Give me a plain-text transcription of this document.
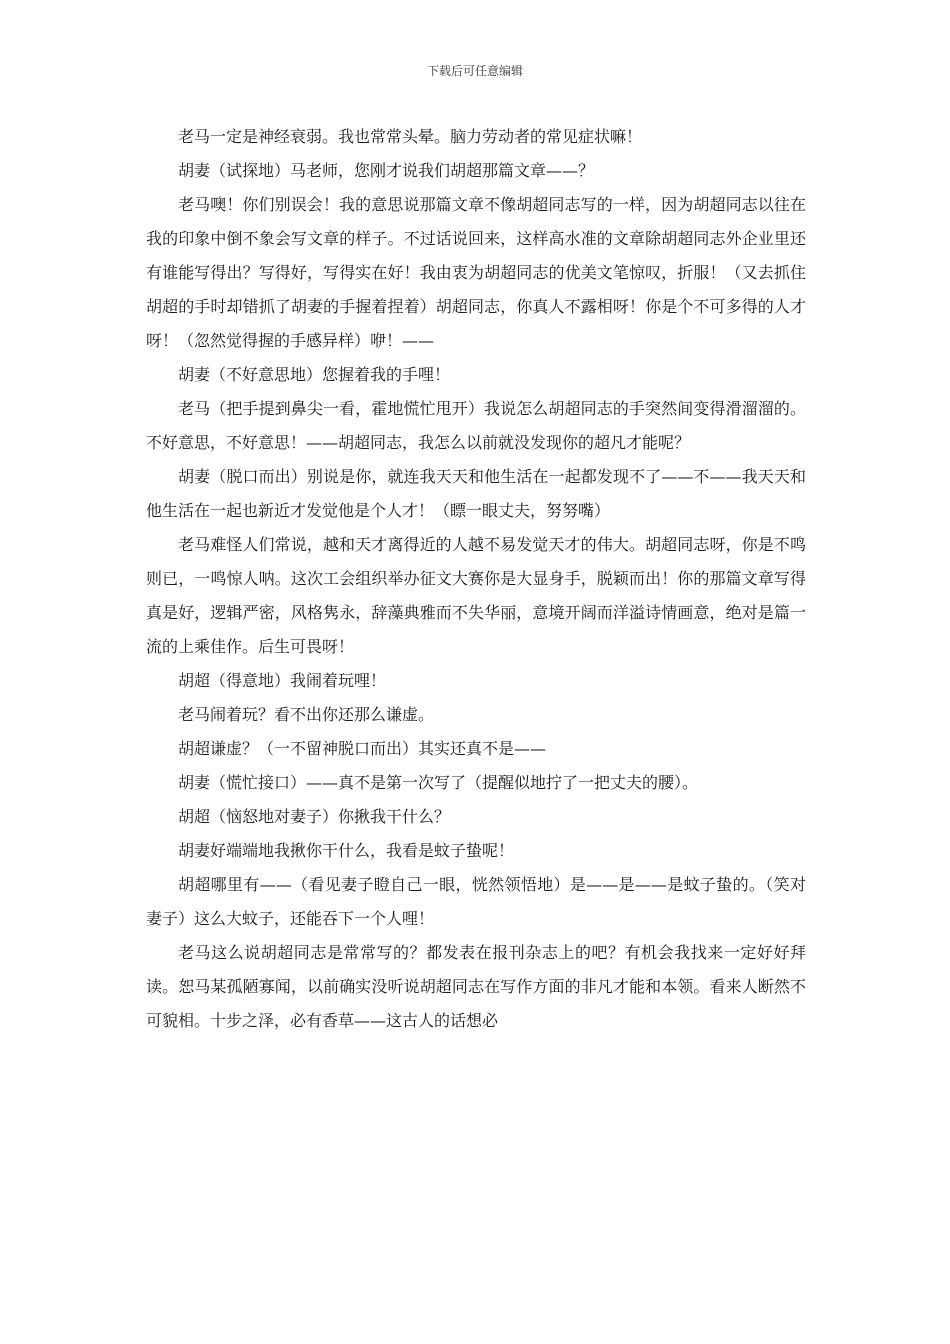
下载后可任意编辑

老马一定是神经衰弱。我也常常头晕。脑力劳动者的常见症状嘛！

胡妻（试探地）马老师，您刚才说我们胡超那篇文章——？

老马噢！你们别误会！我的意思说那篇文章不像胡超同志写的一样，因为胡超同志以往在我的印象中倒不象会写文章的样子。不过话说回来，这样高水准的文章除胡超同志外企业里还有谁能写得出？写得好，写得实在好！我由衷为胡超同志的优美文笔惊叹，折服！（又去抓住胡超的手时却错抓了胡妻的手握着捏着）胡超同志，你真人不露相呀！你是个不可多得的人才呀！（忽然觉得握的手感异样）咿！——

胡妻（不好意思地）您握着我的手哩！

老马（把手提到鼻尖一看，霍地慌忙甩开）我说怎么胡超同志的手突然间变得滑溜溜的。不好意思，不好意思！——胡超同志，我怎么以前就没发现你的超凡才能呢？

胡妻（脱口而出）别说是你，就连我天天和他生活在一起都发现不了——不——我天天和他生活在一起也新近才发觉他是个人才！（瞟一眼丈夫，努努嘴）

老马难怪人们常说，越和天才离得近的人越不易发觉天才的伟大。胡超同志呀，你是不鸣则已，一鸣惊人呐。这次工会组织举办征文大赛你是大显身手，脱颖而出！你的那篇文章写得真是好，逻辑严密，风格隽永，辞藻典雅而不失华丽，意境开阔而洋溢诗情画意，绝对是篇一流的上乘佳作。后生可畏呀！

胡超（得意地）我闹着玩哩！

老马闹着玩？看不出你还那么谦虚。

胡超谦虚？（一不留神脱口而出）其实还真不是——

胡妻（慌忙接口）——真不是第一次写了（提醒似地拧了一把丈夫的腰）。

胡超（恼怒地对妻子）你揪我干什么？

胡妻好端端地我揪你干什么，我看是蚊子蛰呢！

胡超哪里有——（看见妻子瞪自己一眼，恍然领悟地）是——是——是蚊子蛰的。（笑对妻子）这么大蚊子，还能吞下一个人哩！

老马这么说胡超同志是常常写的？都发表在报刊杂志上的吧？有机会我找来一定好好拜读。恕马某孤陋寡闻，以前确实没听说胡超同志在写作方面的非凡才能和本领。看来人断然不可貌相。十步之泽，必有香草——这古人的话想必
